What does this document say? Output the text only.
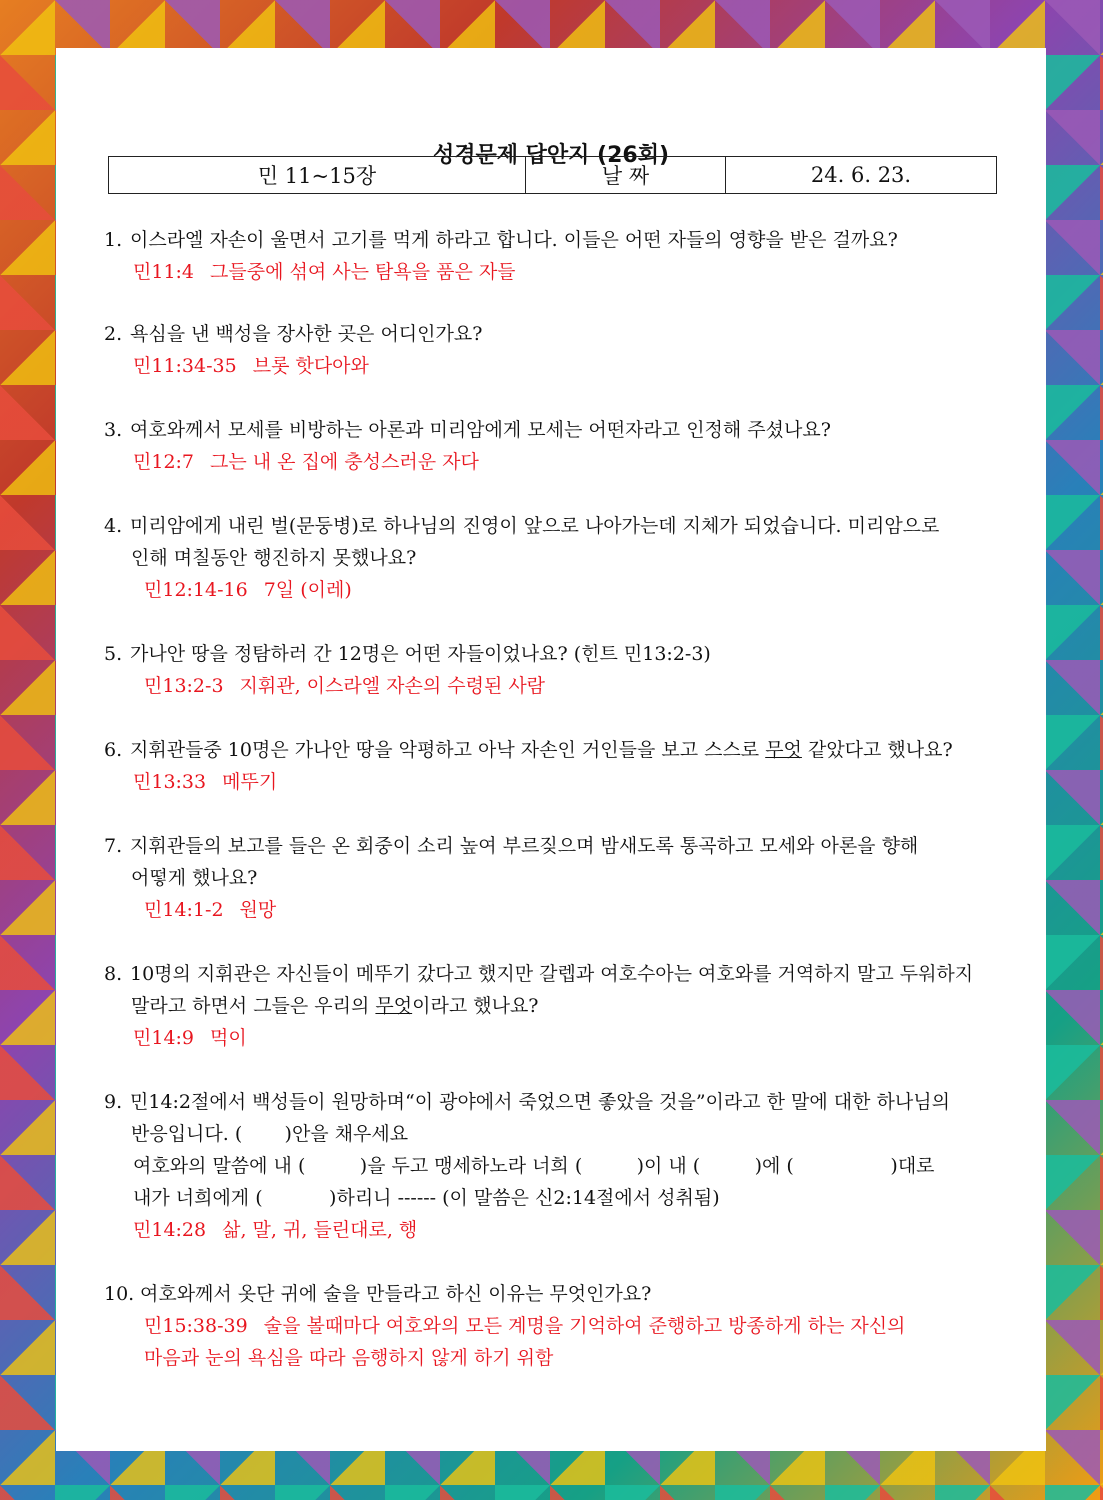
성경문제 답안지 (26회)
민 11~15장	날 짜	24. 6. 23.
1. 이스라엘 자손이 울면서 고기를 먹게 하라고 합니다. 이들은 어떤 자들의 영향을 받은 걸까요?
민11:4 그들중에 섞여 사는 탐욕을 품은 자들
2. 욕심을 낸 백성을 장사한 곳은 어디인가요?
민11:34-35 브롯 핫다아와
3. 여호와께서 모세를 비방하는 아론과 미리암에게 모세는 어떤자라고 인정해 주셨나요?
민12:7 그는 내 온 집에 충성스러운 자다
4. 미리암에게 내린 벌(문둥병)로 하나님의 진영이 앞으로 나아가는데 지체가 되었습니다. 미리암으로
인해 며칠동안 행진하지 못했나요?
민12:14-16 7일 (이레)
5. 가나안 땅을 정탐하러 간 12명은 어떤 자들이었나요? (힌트 민13:2-3)
민13:2-3 지휘관, 이스라엘 자손의 수령된 사람
6. 지휘관들중 10명은 가나안 땅을 악평하고 아낙 자손인 거인들을 보고 스스로 무엇 같았다고 했나요?
민13:33 메뚜기
7. 지휘관들의 보고를 들은 온 회중이 소리 높여 부르짖으며 밤새도록 통곡하고 모세와 아론을 향해
어떻게 했나요?
민14:1-2 원망
8. 10명의 지휘관은 자신들이 메뚜기 갔다고 했지만 갈렙과 여호수아는 여호와를 거역하지 말고 두워하지
말라고 하면서 그들은 우리의 무엇이라고 했나요?
민14:9 먹이
9. 민14:2절에서 백성들이 원망하며“이 광야에서 죽었으면 좋았을 것을”이라고 한 말에 대한 하나님의
반응입니다. (       )안을 채우세요
여호와의 말씀에 내 (         )을 두고 맹세하노라 너희 (         )이 내 (         )에 (                )대로
내가 너희에게 (           )하리니 ------ (이 말씀은 신2:14절에서 성취됨)
민14:28 삶, 말, 귀, 들린대로, 행
10. 여호와께서 옷단 귀에 술을 만들라고 하신 이유는 무엇인가요?
민15:38-39 술을 볼때마다 여호와의 모든 계명을 기억하여 준행하고 방종하게 하는 자신의
마음과 눈의 욕심을 따라 음행하지 않게 하기 위함
